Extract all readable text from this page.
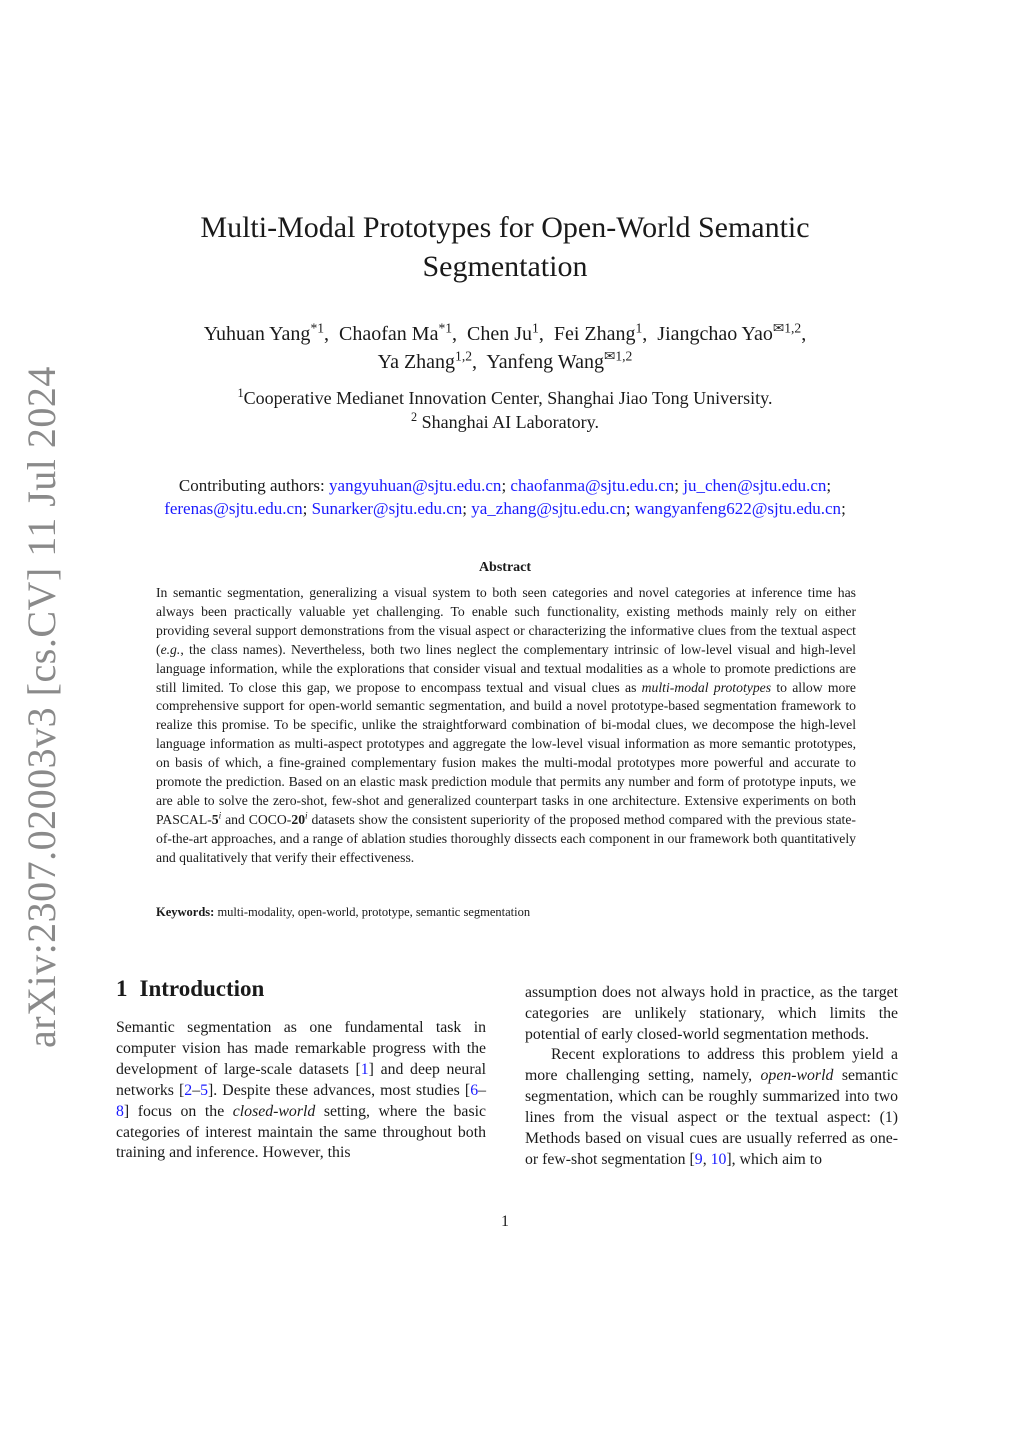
arXiv:2307.02003v3 [cs.CV] 11 Jul 2024
Multi-Modal Prototypes for Open-World Semantic
Segmentation
Yuhuan Yang$^{*1}$,  Chaofan Ma$^{*1}$,  Chen Ju$^1$,  Fei Zhang$^1$,  Jiangchao Yao$^{✉1,2}$,
Ya Zhang$^{1,2}$,  Yanfeng Wang$^{✉1,2}$
$^1$Cooperative Medianet Innovation Center, Shanghai Jiao Tong University.
$^2$ Shanghai AI Laboratory.
Contributing authors: yangyuhuan@sjtu.edu.cn; chaofanma@sjtu.edu.cn; ju_chen@sjtu.edu.cn;
ferenas@sjtu.edu.cn; Sunarker@sjtu.edu.cn; ya_zhang@sjtu.edu.cn; wangyanfeng622@sjtu.edu.cn;
Abstract

In semantic segmentation, generalizing a visual system to both seen categories and novel categories at inference time has always been practically valuable yet challenging. To enable such functionality, existing methods mainly rely on either providing several support demonstrations from the visual aspect or characterizing the informative clues from the textual aspect (e.g., the class names). Nevertheless, both two lines neglect the complementary intrinsic of low-level visual and high-level language information, while the explorations that consider visual and textual modalities as a whole to promote predictions are still limited. To close this gap, we propose to encompass textual and visual clues as multi-modal prototypes to allow more comprehensive support for open-world semantic segmentation, and build a novel prototype-based segmentation framework to realize this promise. To be specific, unlike the straightforward combination of bi-modal clues, we decompose the high-level language information as multi-aspect prototypes and aggregate the low-level visual information as more semantic prototypes, on basis of which, a fine-grained complementary fusion makes the multi-modal prototypes more powerful and accurate to promote the prediction. Based on an elastic mask prediction module that permits any number and form of prototype inputs, we are able to solve the zero-shot, few-shot and generalized counterpart tasks in one architecture. Extensive experiments on both PASCAL-5$^i$ and COCO-20$^i$ datasets show the consistent superiority of the proposed method compared with the previous state-of-the-art approaches, and a range of ablation studies thoroughly dissects each component in our framework both quantitatively and qualitatively that verify their effectiveness.

Keywords: multi-modality, open-world, prototype, semantic segmentation

1 Introduction

Semantic segmentation as one fundamental task in computer vision has made remarkable progress with the development of large-scale datasets [1] and deep neural networks [2–5]. Despite these advances, most studies [6–8] focus on the closed-world setting, where the basic categories of interest maintain the same throughout both training and inference. However, this

assumption does not always hold in practice, as the target categories are unlikely stationary, which limits the potential of early closed-world segmentation methods.

Recent explorations to address this problem yield a more challenging setting, namely, open-world semantic segmentation, which can be roughly summarized into two lines from the visual aspect or the textual aspect: (1) Methods based on visual cues are usually referred as one- or few-shot segmentation [9, 10], which aim to

1
